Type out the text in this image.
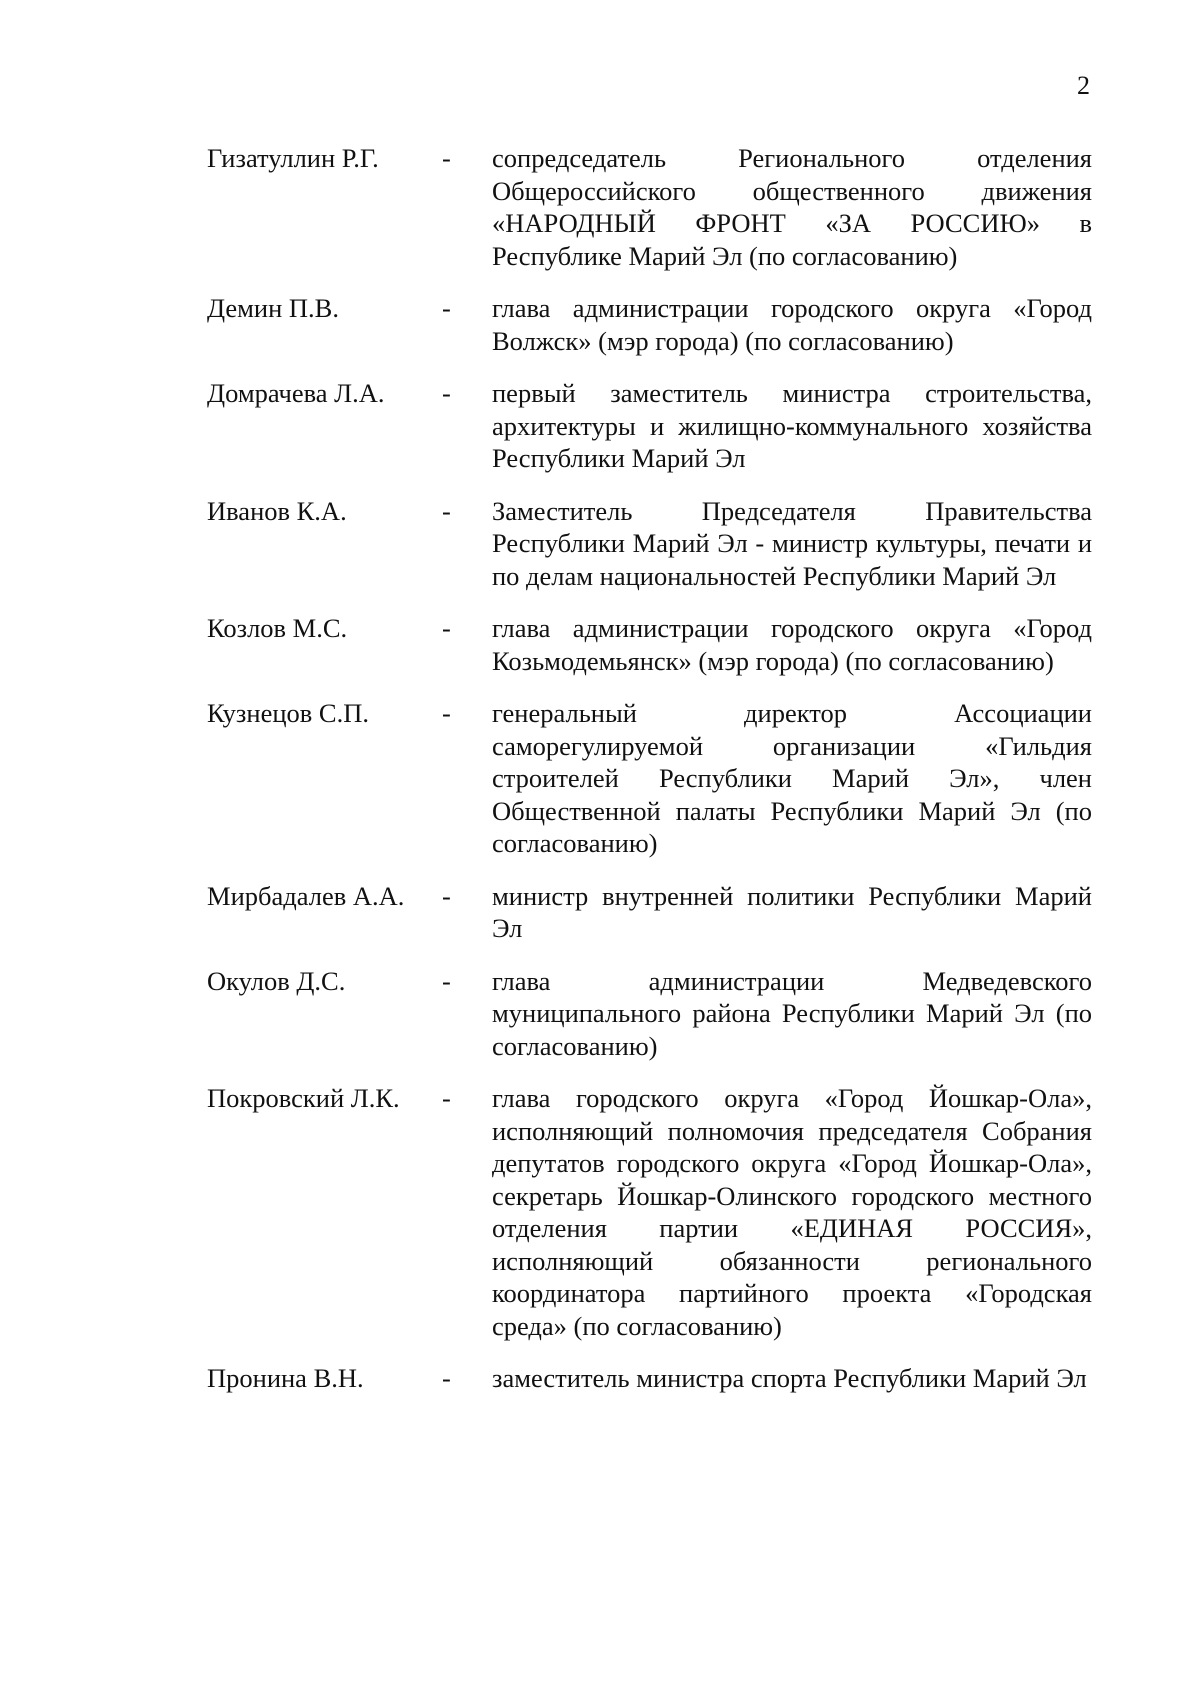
2
Гизатуллин Р.Г.	-	сопредседатель Регионального отделения Общероссийского общественного движения «НАРОДНЫЙ ФРОНТ «ЗА РОССИЮ» в Республике Марий Эл (по согласованию)
Демин П.В.	-	глава администрации городского округа «Город Волжск» (мэр города) (по согласованию)
Домрачева Л.А.	-	первый заместитель министра строительства, архитектуры и жилищно-коммунального хозяйства Республики Марий Эл
Иванов К.А.	-	Заместитель Председателя Правительства Республики Марий Эл - министр культуры, печати и по делам национальностей Республики Марий Эл
Козлов М.С.	-	глава администрации городского округа «Город Козьмодемьянск» (мэр города) (по согласованию)
Кузнецов С.П.	-	генеральный директор Ассоциации саморегулируемой организации «Гильдия строителей Республики Марий Эл», член Общественной палаты Республики Марий Эл (по согласованию)
Мирбадалев А.А.	-	министр внутренней политики Республики Марий Эл
Окулов Д.С.	-	глава администрации Медведевского муниципального района Республики Марий Эл (по согласованию)
Покровский Л.К.	-	глава городского округа «Город Йошкар-Ола», исполняющий полномочия председателя Собрания депутатов городского округа «Город Йошкар-Ола», секретарь Йошкар-Олинского городского местного отделения партии «ЕДИНАЯ РОССИЯ», исполняющий обязанности регионального координатора партийного проекта «Городская среда» (по согласованию)
Пронина В.Н.	-	заместитель министра спорта Республики Марий Эл
